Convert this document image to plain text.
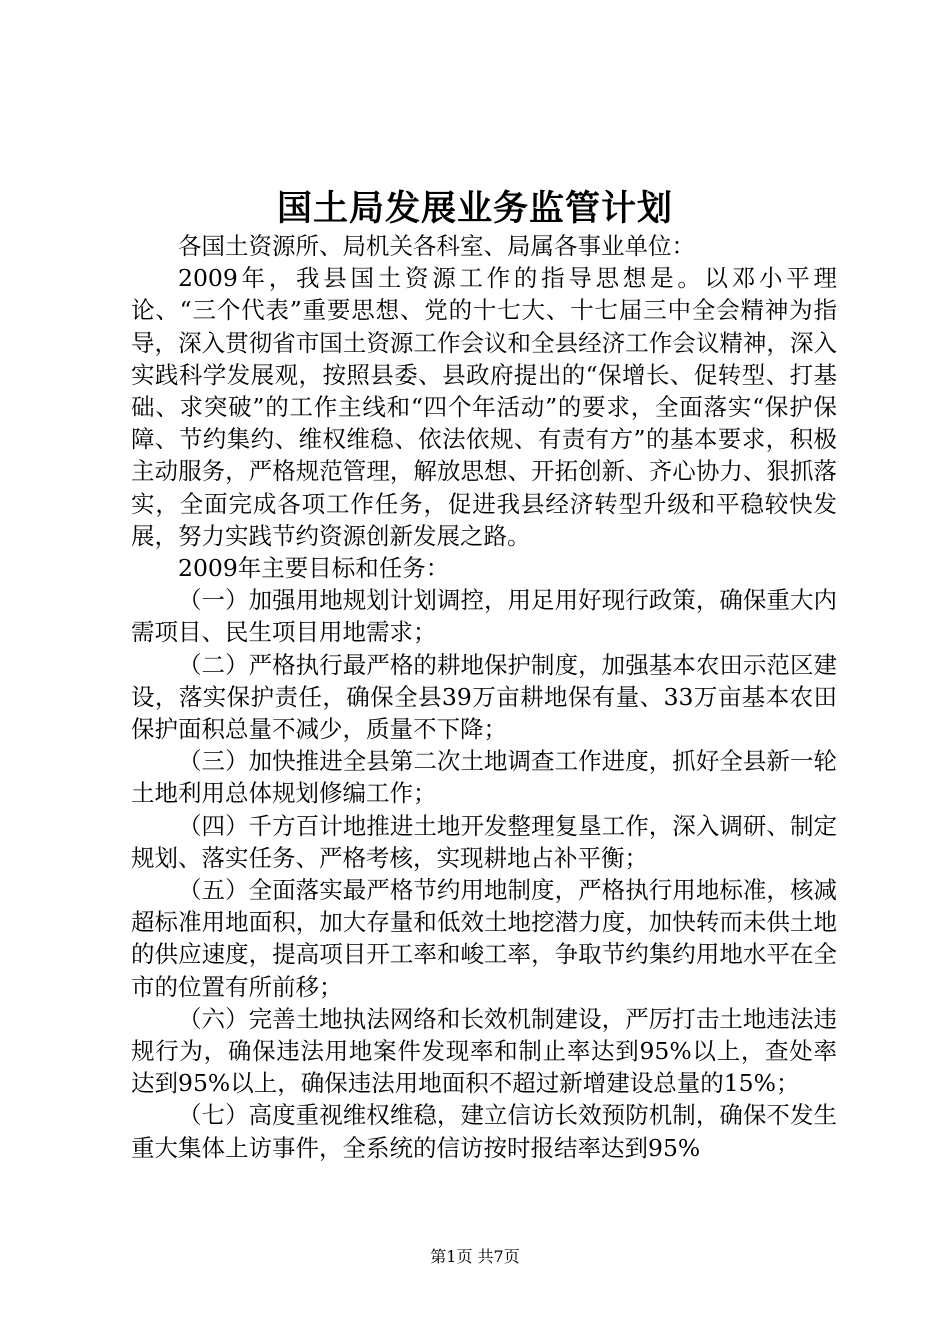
国土局发展业务监管计划

各国土资源所、局机关各科室、局属各事业单位：

2009年，我县国土资源工作的指导思想是。以邓小平理论、“三个代表”重要思想、党的十七大、十七届三中全会精神为指导，深入贯彻省市国土资源工作会议和全县经济工作会议精神，深入实践科学发展观，按照县委、县政府提出的“保增长、促转型、打基础、求突破”的工作主线和“四个年活动”的要求，全面落实“保护保障、节约集约、维权维稳、依法依规、有责有方”的基本要求，积极主动服务，严格规范管理，解放思想、开拓创新、齐心协力、狠抓落实，全面完成各项工作任务，促进我县经济转型升级和平稳较快发展，努力实践节约资源创新发展之路。

2009年主要目标和任务：

（一）加强用地规划计划调控，用足用好现行政策，确保重大内需项目、民生项目用地需求；

（二）严格执行最严格的耕地保护制度，加强基本农田示范区建设，落实保护责任，确保全县39万亩耕地保有量、33万亩基本农田保护面积总量不减少，质量不下降；

（三）加快推进全县第二次土地调查工作进度，抓好全县新一轮土地利用总体规划修编工作；

（四）千方百计地推进土地开发整理复垦工作，深入调研、制定规划、落实任务、严格考核，实现耕地占补平衡；

（五）全面落实最严格节约用地制度，严格执行用地标准，核减超标准用地面积，加大存量和低效土地挖潜力度，加快转而未供土地的供应速度，提高项目开工率和峻工率，争取节约集约用地水平在全市的位置有所前移；

（六）完善土地执法网络和长效机制建设，严厉打击土地违法违规行为，确保违法用地案件发现率和制止率达到95%以上，查处率达到95%以上，确保违法用地面积不超过新增建设总量的15%；

（七）高度重视维权维稳，建立信访长效预防机制，确保不发生重大集体上访事件，全系统的信访按时报结率达到95%

第1页 共7页
